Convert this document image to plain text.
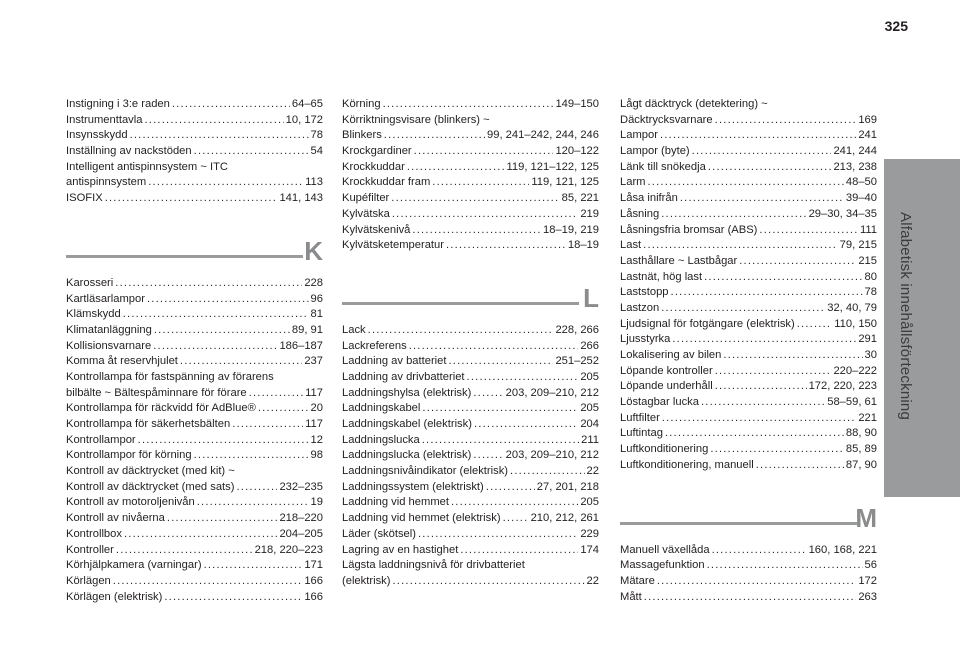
325
Alfabetisk innehållsförteckning
Instigning i 3:e raden .....	64–65
Instrumenttavla .....	10, 172
Insynsskydd .....	78
Inställning av nackstöden .....	54
Intelligent antispinnsystem ~ ITC
antispinnsystem .....	113
ISOFIX .....	141, 143
K
Karosseri .....	228
Kartläsarlampor .....	96
Klämskydd .....	81
Klimatanläggning .....	89, 91
Kollisionsvarnare .....	186–187
Komma åt reservhjulet .....	237
Kontrollampa för fastspänning av förarens
bilbälte ~ Bältespåminnare för förare .....	117
Kontrollampa för räckvidd för AdBlue® .....	20
Kontrollampa för säkerhetsbälten .....	117
Kontrollampor .....	12
Kontrollampor för körning .....	98
Kontroll av däcktrycket (med kit) ~
Kontroll av däcktrycket (med sats) .....	232–235
Kontroll av motoroljenivån .....	19
Kontroll av nivåerna .....	218–220
Kontrollbox .....	204–205
Kontroller .....	218, 220–223
Körhjälpkamera (varningar) .....	171
Körlägen .....	166
Körlägen (elektrisk) .....	166
Körning .....	149–150
Körriktningsvisare (blinkers) ~
Blinkers .....	99, 241–242, 244, 246
Krockgardiner .....	120–122
Krockkuddar .....	119, 121–122, 125
Krockkuddar fram .....	119, 121, 125
Kupéfilter .....	85, 221
Kylvätska .....	219
Kylvätskenivå .....	18–19, 219
Kylvätsketemperatur .....	18–19
L
Lack .....	228, 266
Lackreferens .....	266
Laddning av batteriet .....	251–252
Laddning av drivbatteriet .....	205
Laddningshylsa (elektrisk) .....	203, 209–210, 212
Laddningskabel .....	205
Laddningskabel (elektrisk) .....	204
Laddningslucka .....	211
Laddningslucka (elektrisk) .....	203, 209–210, 212
Laddningsnivåindikator (elektrisk) .....	22
Laddningssystem (elektriskt) .....	27, 201, 218
Laddning vid hemmet .....	205
Laddning vid hemmet (elektrisk) .....	210, 212, 261
Läder (skötsel) .....	229
Lagring av en hastighet .....	174
Lägsta laddningsnivå för drivbatteriet
(elektrisk) .....	22
Lågt däcktryck (detektering) ~
Däcktrycksvarnare .....	169
Lampor .....	241
Lampor (byte) .....	241, 244
Länk till snökedja .....	213, 238
Larm .....	48–50
Låsa inifrån .....	39–40
Låsning .....	29–30, 34–35
Låsningsfria bromsar (ABS) .....	111
Last .....	79, 215
Lasthållare ~ Lastbågar .....	215
Lastnät, hög last .....	80
Laststopp .....	78
Lastzon .....	32, 40, 79
Ljudsignal för fotgängare (elektrisk) .....	110, 150
Ljusstyrka .....	291
Lokalisering av bilen .....	30
Löpande kontroller .....	220–222
Löpande underhåll .....	172, 220, 223
Löstagbar lucka .....	58–59, 61
Luftfilter .....	221
Luftintag .....	88, 90
Luftkonditionering .....	85, 89
Luftkonditionering, manuell .....	87, 90
M
Manuell växellåda .....	160, 168, 221
Massagefunktion .....	56
Mätare .....	172
Mått .....	263
